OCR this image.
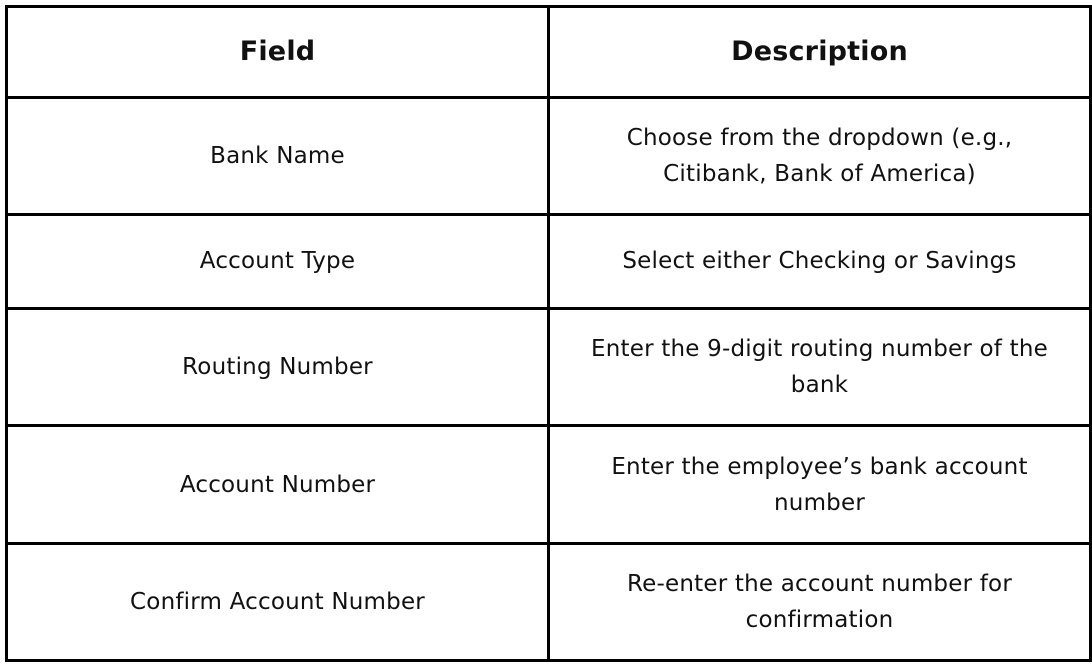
Field	Description
Bank Name	Choose from the dropdown (e.g., Citibank, Bank of America)
Account Type	Select either Checking or Savings
Routing Number	Enter the 9-digit routing number of the bank
Account Number	Enter the employee’s bank account number
Confirm Account Number	Re-enter the account number for confirmation
